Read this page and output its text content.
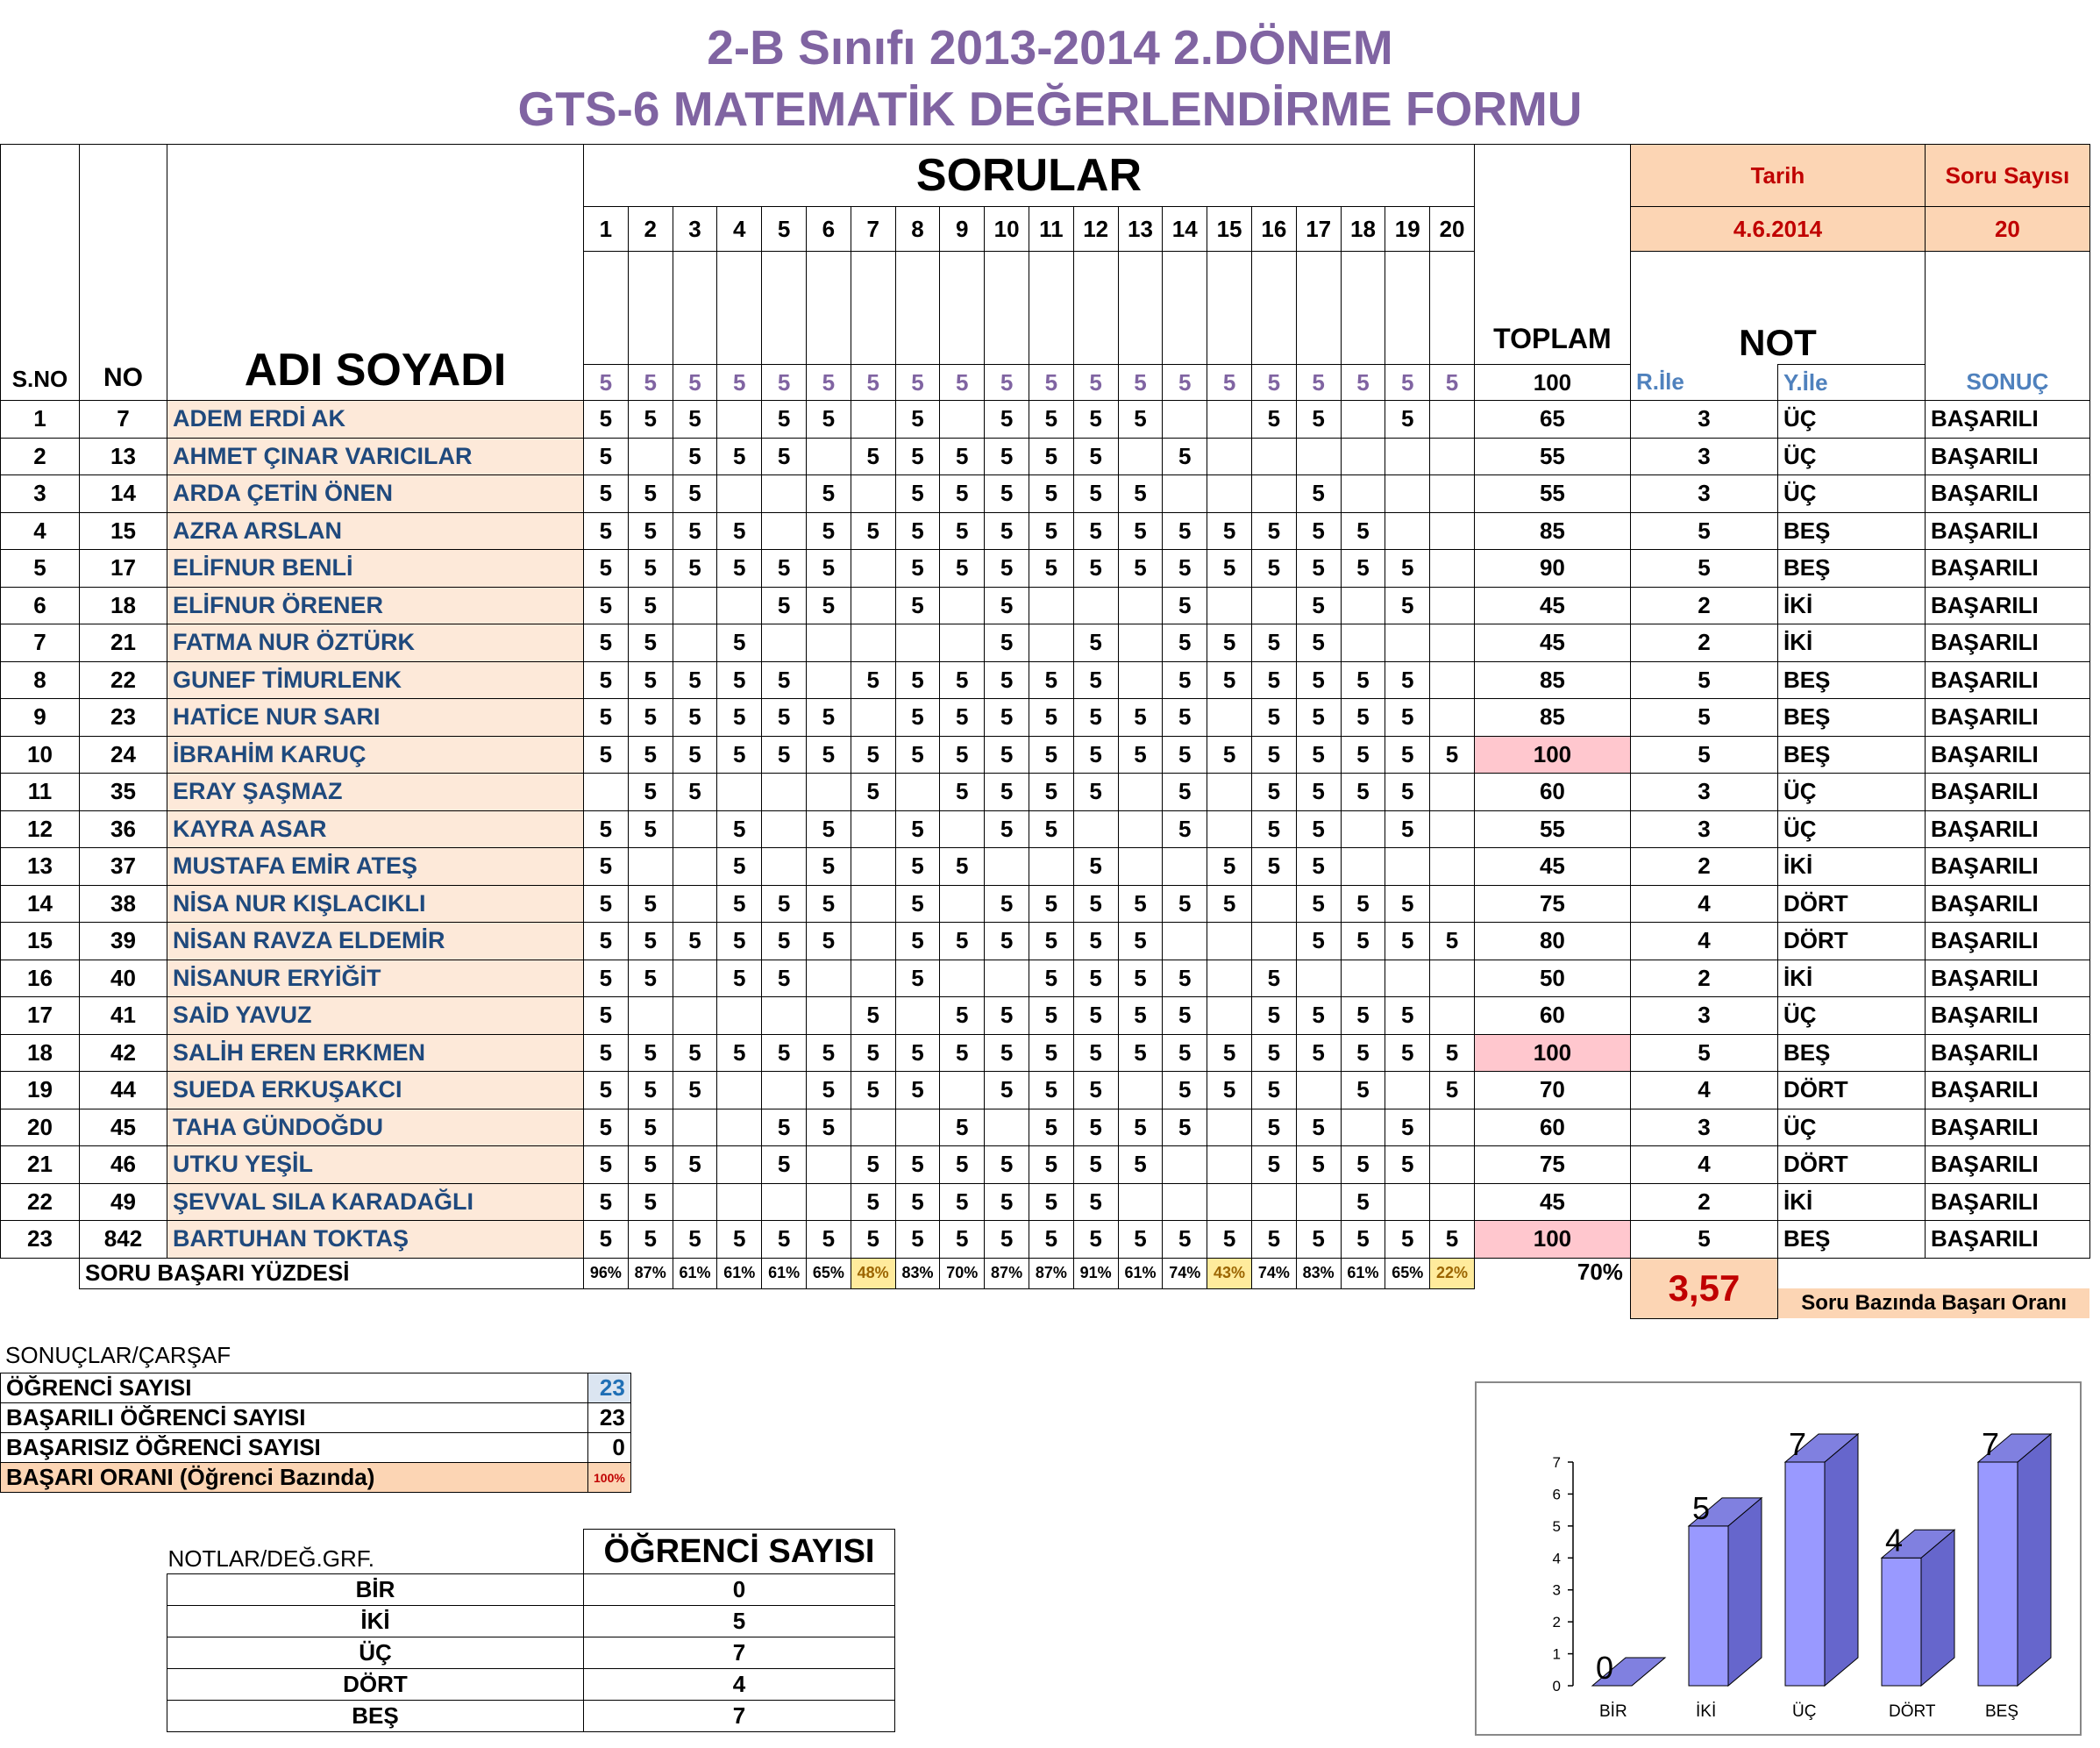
2-B Sınıfı 2013-2014 2.DÖNEM
GTS-6 MATEMATİK DEĞERLENDİRME FORMU
S.NO	NO	ADI SOYADI	SORULAR																				TOPLAM	Tarih		Soru Sayısı
			1	2	3	4	5	6	7	8	9	10	11	12	13	14	15	16	17	18	19	20		4.6.2014		20
																								NOT		
			5	5	5	5	5	5	5	5	5	5	5	5	5	5	5	5	5	5	5	5	100	R.İle	Y.İle	SONUÇ
1	7	ADEM ERDİ AK	5	5	5		5	5		5		5	5	5	5			5	5		5		65	3	ÜÇ	BAŞARILI
2	13	AHMET ÇINAR VARICILAR	5		5	5	5		5	5	5	5	5	5		5							55	3	ÜÇ	BAŞARILI
3	14	ARDA ÇETİN ÖNEN	5	5	5			5		5	5	5	5	5	5				5				55	3	ÜÇ	BAŞARILI
4	15	AZRA ARSLAN	5	5	5	5		5	5	5	5	5	5	5	5	5	5	5	5	5			85	5	BEŞ	BAŞARILI
5	17	ELİFNUR BENLİ	5	5	5	5	5	5		5	5	5	5	5	5	5	5	5	5	5	5		90	5	BEŞ	BAŞARILI
6	18	ELİFNUR ÖRENER	5	5			5	5		5		5				5			5		5		45	2	İKİ	BAŞARILI
7	21	FATMA NUR ÖZTÜRK	5	5		5						5		5		5	5	5	5				45	2	İKİ	BAŞARILI
8	22	GUNEF TİMURLENK	5	5	5	5	5		5	5	5	5	5	5		5	5	5	5	5	5		85	5	BEŞ	BAŞARILI
9	23	HATİCE NUR SARI	5	5	5	5	5	5		5	5	5	5	5	5	5		5	5	5	5		85	5	BEŞ	BAŞARILI
10	24	İBRAHİM KARUÇ	5	5	5	5	5	5	5	5	5	5	5	5	5	5	5	5	5	5	5	5	100	5	BEŞ	BAŞARILI
11	35	ERAY ŞAŞMAZ		5	5				5		5	5	5	5		5		5	5	5	5		60	3	ÜÇ	BAŞARILI
12	36	KAYRA ASAR	5	5		5		5		5		5	5			5		5	5		5		55	3	ÜÇ	BAŞARILI
13	37	MUSTAFA EMİR ATEŞ	5			5		5		5	5			5			5	5	5				45	2	İKİ	BAŞARILI
14	38	NİSA NUR KIŞLACIKLI	5	5		5	5	5		5		5	5	5	5	5	5		5	5	5		75	4	DÖRT	BAŞARILI
15	39	NİSAN RAVZA ELDEMİR	5	5	5	5	5	5		5	5	5	5	5	5				5	5	5	5	80	4	DÖRT	BAŞARILI
16	40	NİSANUR ERYİĞİT	5	5		5	5			5			5	5	5	5		5					50	2	İKİ	BAŞARILI
17	41	SAİD YAVUZ	5						5		5	5	5	5	5	5		5	5	5	5		60	3	ÜÇ	BAŞARILI
18	42	SALİH EREN ERKMEN	5	5	5	5	5	5	5	5	5	5	5	5	5	5	5	5	5	5	5	5	100	5	BEŞ	BAŞARILI
19	44	SUEDA ERKUŞAKCI	5	5	5			5	5	5		5	5	5		5	5	5		5		5	70	4	DÖRT	BAŞARILI
20	45	TAHA GÜNDOĞDU	5	5			5	5			5		5	5	5	5		5	5		5		60	3	ÜÇ	BAŞARILI
21	46	UTKU YEŞİL	5	5	5		5		5	5	5	5	5	5	5			5	5	5	5		75	4	DÖRT	BAŞARILI
22	49	ŞEVVAL SILA KARADAĞLI	5	5					5	5	5	5	5	5						5			45	2	İKİ	BAŞARILI
23	842	BARTUHAN TOKTAŞ	5	5	5	5	5	5	5	5	5	5	5	5	5	5	5	5	5	5	5	5	100	5	BEŞ	BAŞARILI
	SORU BAŞARI YÜZDESİ		96%	87%	61%	61%	61%	65%	48%	83%	70%	87%	87%	91%	61%	74%	43%	74%	83%	61%	65%	22%	70%	3,57		
																									Soru Bazında Başarı Oranı	
SONUÇLAR/ÇARŞAF
ÖĞRENCİ SAYISI	23
BAŞARILI ÖĞRENCİ SAYISI	23
BAŞARISIZ ÖĞRENCİ SAYISI	0
BAŞARI ORANI (Öğrenci Bazında)	100%
NOTLAR/DEĞ.GRF.	ÖĞRENCİ SAYISI
BİR	0
İKİ	5
ÜÇ	7
DÖRT	4
BEŞ	7
0
1
2
3
4
5
6
7
0
BİR
5
İKİ
7
ÜÇ
4
DÖRT
7
BEŞ
